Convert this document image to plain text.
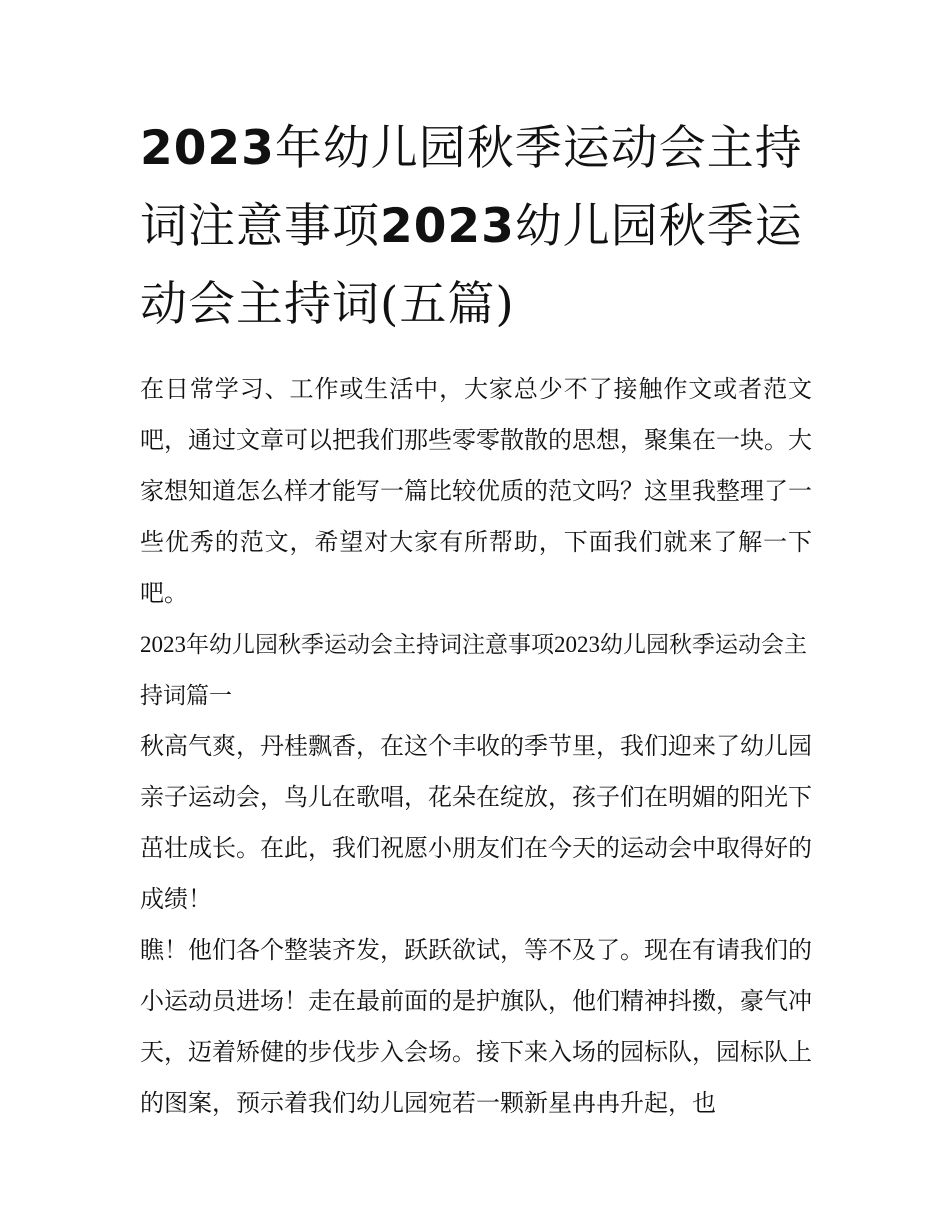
2023年幼儿园秋季运动会主持词注意事项2023幼儿园秋季运动会主持词(五篇)

在日常学习、工作或生活中，大家总少不了接触作文或者范文吧，通过文章可以把我们那些零零散散的思想，聚集在一块。大家想知道怎么样才能写一篇比较优质的范文吗？这里我整理了一些优秀的范文，希望对大家有所帮助，下面我们就来了解一下吧。

2023年幼儿园秋季运动会主持词注意事项2023幼儿园秋季运动会主持词篇一

秋高气爽，丹桂飘香，在这个丰收的季节里，我们迎来了幼儿园亲子运动会，鸟儿在歌唱，花朵在绽放，孩子们在明媚的阳光下茁壮成长。在此，我们祝愿小朋友们在今天的运动会中取得好的成绩！

瞧！他们各个整装齐发，跃跃欲试，等不及了。现在有请我们的小运动员进场！走在最前面的是护旗队，他们精神抖擞，豪气冲天，迈着矫健的步伐步入会场。接下来入场的园标队，园标队上的图案，预示着我们幼儿园宛若一颗新星冉冉升起，也
